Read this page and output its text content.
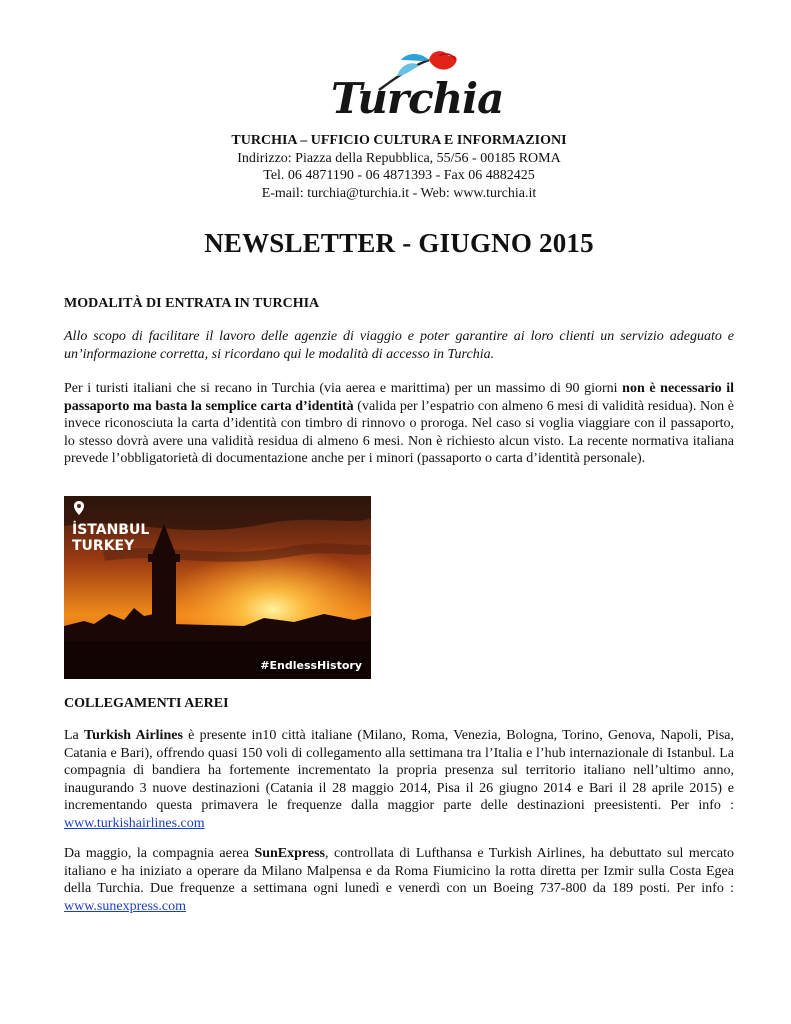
Turchia
TURCHIA – UFFICIO CULTURA E INFORMAZIONI
Indirizzo: Piazza della Repubblica, 55/56 - 00185 ROMA
Tel. 06 4871190 - 06 4871393 - Fax 06 4882425
E-mail: turchia@turchia.it - Web: www.turchia.it
NEWSLETTER - GIUGNO 2015
MODALITÀ DI ENTRATA IN TURCHIA
Allo scopo di facilitare il lavoro delle agenzie di viaggio e poter garantire ai loro clienti un servizio adeguato e un’informazione corretta, si ricordano qui le modalità di accesso in Turchia.
Per i turisti italiani che si recano in Turchia (via aerea e marittima) per un massimo di 90 giorni non è necessario il passaporto ma basta la semplice carta d’identità (valida per l’espatrio con almeno 6 mesi di validità residua). Non è invece riconosciuta la carta d’identità con timbro di rinnovo o proroga. Nel caso si voglia viaggiare con il passaporto, lo stesso dovrà avere una validità residua di almeno 6 mesi. Non è richiesto alcun visto. La recente normativa italiana prevede l’obbligatorietà di documentazione anche per i minori (passaporto o carta d’identità personale).
İSTANBUL
TURKEY
#EndlessHistory
COLLEGAMENTI AEREI
La Turkish Airlines è presente in10 città italiane (Milano, Roma, Venezia, Bologna, Torino, Genova, Napoli, Pisa, Catania e Bari), offrendo quasi 150 voli di collegamento alla settimana tra l’Italia e l’hub internazionale di Istanbul. La compagnia di bandiera ha fortemente incrementato la propria presenza sul territorio italiano nell’ultimo anno, inaugurando 3 nuove destinazioni (Catania il 28 maggio 2014, Pisa il 26 giugno 2014 e Bari il 28 aprile 2015) e incrementando questa primavera le frequenze dalla maggior parte delle destinazioni preesistenti. Per info : www.turkishairlines.com
Da maggio, la compagnia aerea SunExpress, controllata di Lufthansa e Turkish Airlines, ha debuttato sul mercato italiano e ha iniziato a operare da Milano Malpensa e da Roma Fiumicino la rotta diretta per Izmir sulla Costa Egea della Turchia. Due frequenze a settimana ogni lunedì e venerdì con un Boeing 737-800 da 189 posti. Per info : www.sunexpress.com
